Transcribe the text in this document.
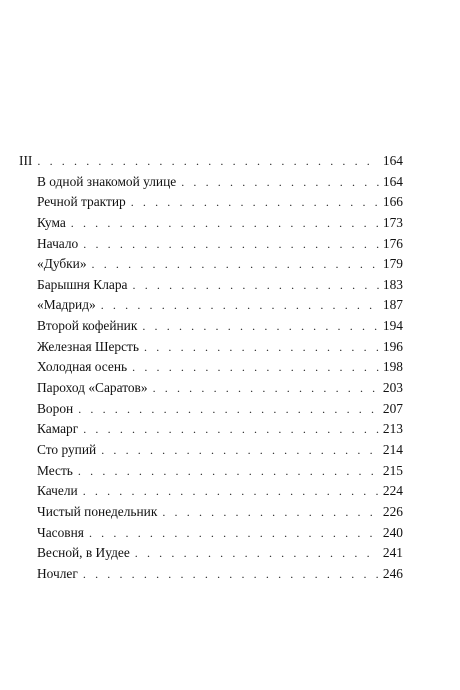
III . . .	164
В одной знакомой улице . . .	164
Речной трактир . . .	166
Кума . . .	173
Начало . . .	176
«Дубки» . . .	179
Барышня Клара . . .	183
«Мадрид» . . .	187
Второй кофейник . . .	194
Железная Шерсть . . .	196
Холодная осень . . .	198
Пароход «Саратов» . . .	203
Ворон . . .	207
Камарг . . .	213
Сто рупий . . .	214
Месть . . .	215
Качели . . .	224
Чистый понедельник . . .	226
Часовня . . .	240
Весной, в Иудее . . .	241
Ночлег . . .	246
